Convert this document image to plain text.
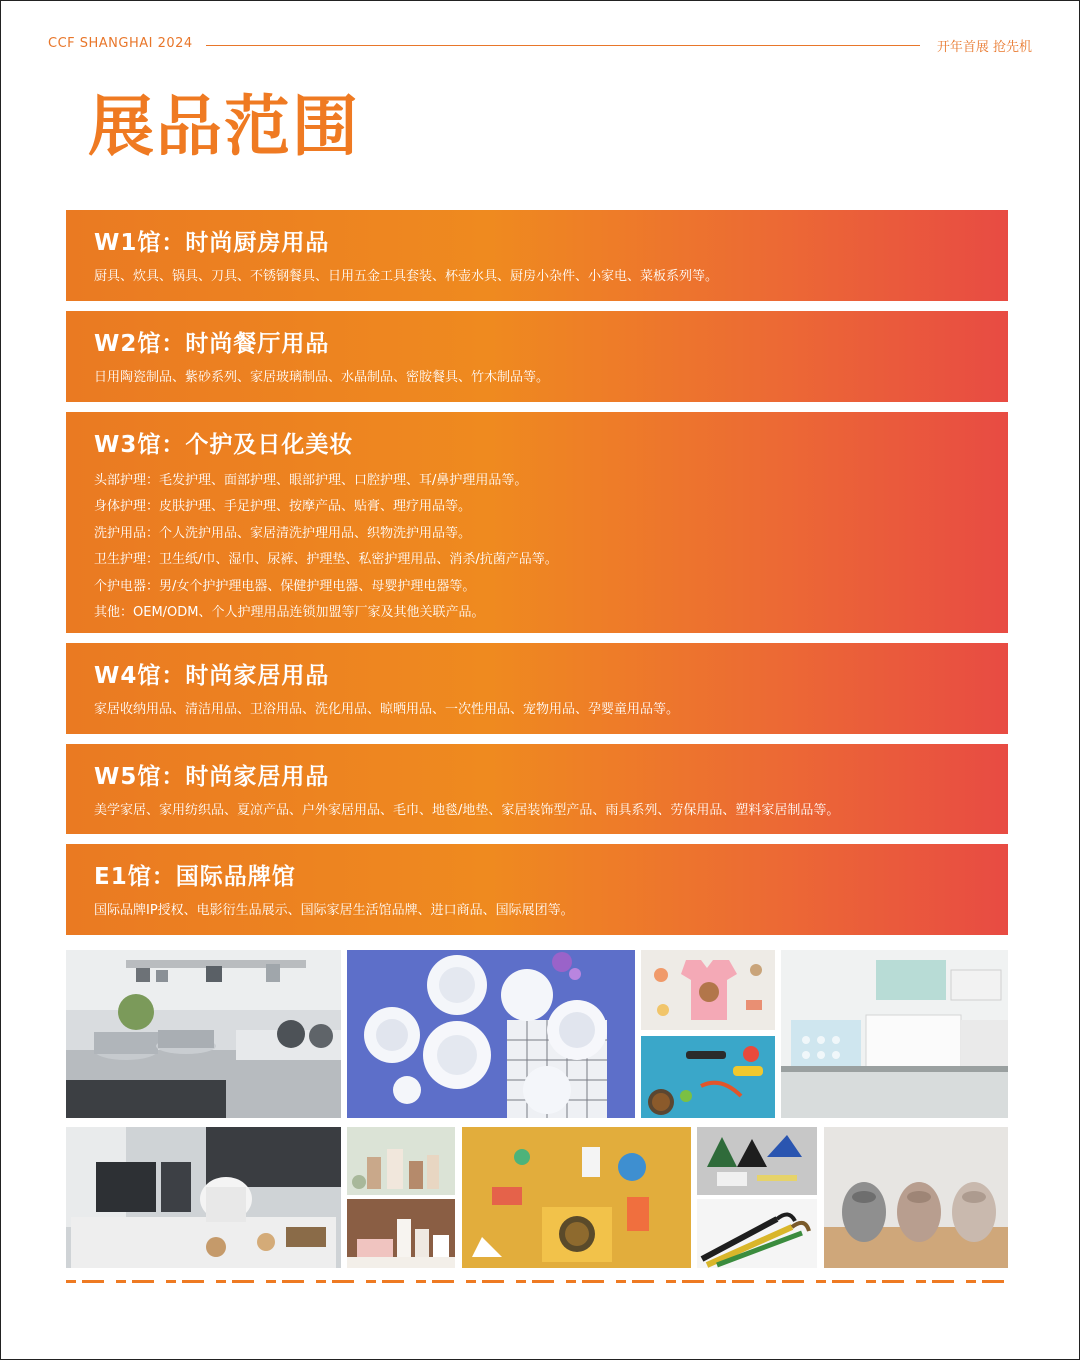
CCF SHANGHAI 2024	开年首展 抢先机
展品范围
W1馆：时尚厨房用品
厨具、炊具、锅具、刀具、不锈钢餐具、日用五金工具套装、杯壶水具、厨房小杂件、小家电、菜板系列等。
W2馆：时尚餐厅用品
日用陶瓷制品、紫砂系列、家居玻璃制品、水晶制品、密胺餐具、竹木制品等。
W3馆：个护及日化美妆
头部护理：毛发护理、面部护理、眼部护理、口腔护理、耳/鼻护理用品等。
身体护理：皮肤护理、手足护理、按摩产品、贴膏、理疗用品等。
洗护用品：个人洗护用品、家居清洗护理用品、织物洗护用品等。
卫生护理：卫生纸/巾、湿巾、尿裤、护理垫、私密护理用品、消杀/抗菌产品等。
个护电器：男/女个护护理电器、保健护理电器、母婴护理电器等。
其他：OEM/ODM、个人护理用品连锁加盟等厂家及其他关联产品。
W4馆：时尚家居用品
家居收纳用品、清洁用品、卫浴用品、洗化用品、晾晒用品、一次性用品、宠物用品、孕婴童用品等。
W5馆：时尚家居用品
美学家居、家用纺织品、夏凉产品、户外家居用品、毛巾、地毯/地垫、家居装饰型产品、雨具系列、劳保用品、塑料家居制品等。
E1馆：国际品牌馆
国际品牌IP授权、电影衍生品展示、国际家居生活馆品牌、进口商品、国际展团等。
